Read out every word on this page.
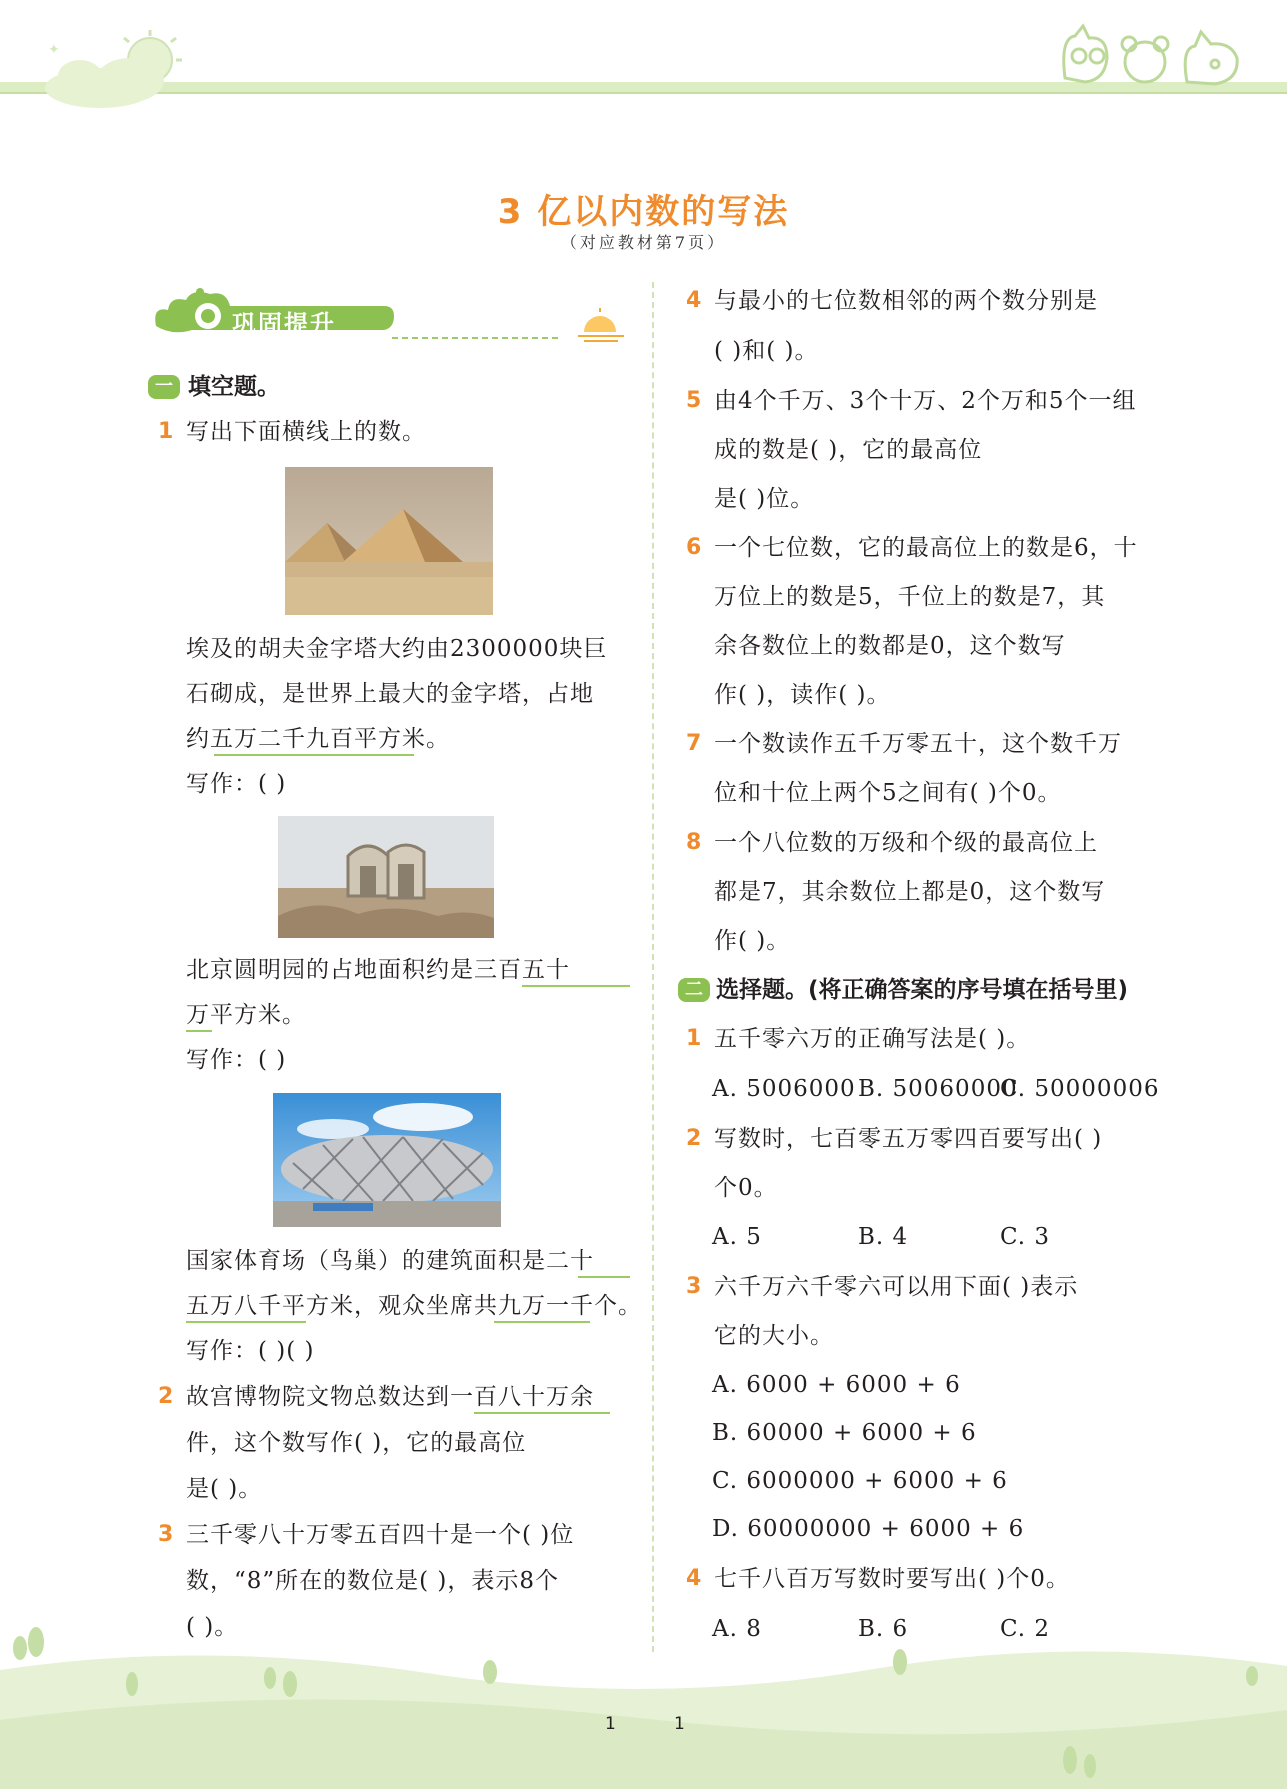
✦
3 亿以内数的写法
（对应教材第7页）
巩固提升
一 填空题。
1 写出下面横线上的数。
埃及的胡夫金字塔大约由2300000块巨
石砌成，是世界上最大的金字塔，占地
约五万二千九百平方米。
写作：( )
北京圆明园的占地面积约是三百五十
万平方米。
写作：( )
国家体育场（鸟巢）的建筑面积是二十
五万八千平方米，观众坐席共九万一千个。
写作：( )( )
2 故宫博物院文物总数达到一百八十万余
件，这个数写作( )，它的最高位
是( )。
3 三千零八十万零五百四十是一个( )位
数，“8”所在的数位是( )，表示8个
( )。
4 与最小的七位数相邻的两个数分别是
( )和( )。
5 由4个千万、3个十万、2个万和5个一组
成的数是( )，它的最高位
是( )位。
6 一个七位数，它的最高位上的数是6，十
万位上的数是5，千位上的数是7，其
余各数位上的数都是0，这个数写
作( )，读作( )。
7 一个数读作五千万零五十，这个数千万
位和十位上两个5之间有( )个0。
8 一个八位数的万级和个级的最高位上
都是7，其余数位上都是0，这个数写
作( )。
二 选择题。(将正确答案的序号填在括号里)
1 五千零六万的正确写法是( )。
A. 5006000 B. 50060000
C. 50000006
2 写数时，七百零五万零四百要写出( )
个0。
A. 5	B. 4	C. 3
3 六千万六千零六可以用下面( )表示
它的大小。
A. 6000 + 6000 + 6
B. 60000 + 6000 + 6
C. 6000000 + 6000 + 6
D. 60000000 + 6000 + 6
4 七千八百万写数时要写出( )个0。
A. 8	B. 6	C. 2
1	1
